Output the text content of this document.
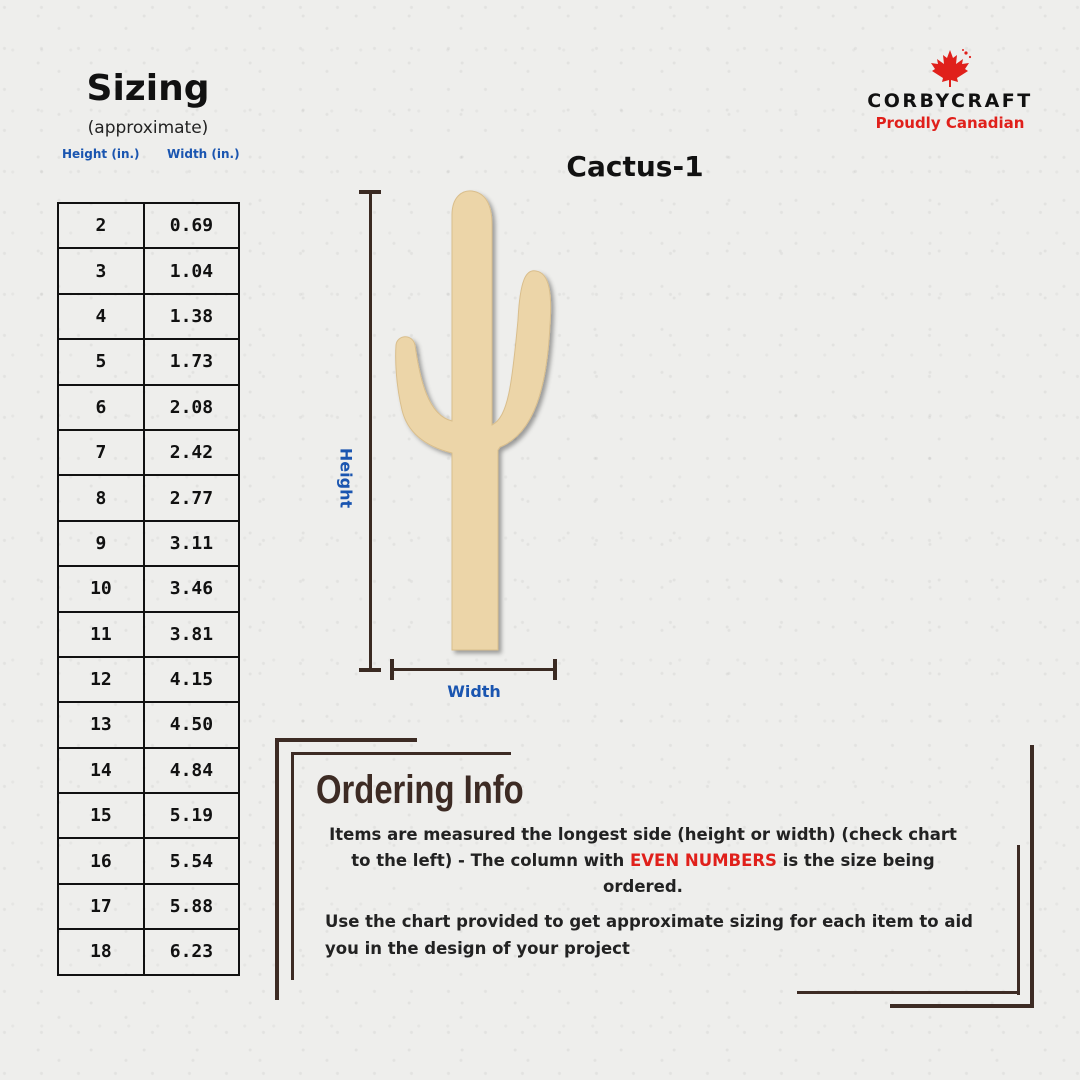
Sizing
(approximate)
Height (in.) Width (in.)
2	0.69
3	1.04
4	1.38
5	1.73
6	2.08
7	2.42
8	2.77
9	3.11
10	3.46
11	3.81
12	4.15
13	4.50
14	4.84
15	5.19
16	5.54
17	5.88
18	6.23
CORBYCRAFT
Proudly Canadian
Cactus-1
Height
Width
Ordering Info
Items are measured the longest side (height or width) (check chart to the left) - The column with EVEN NUMBERS is the size being ordered.
Use the chart provided to get approximate sizing for each item to aid you in the design of your project
